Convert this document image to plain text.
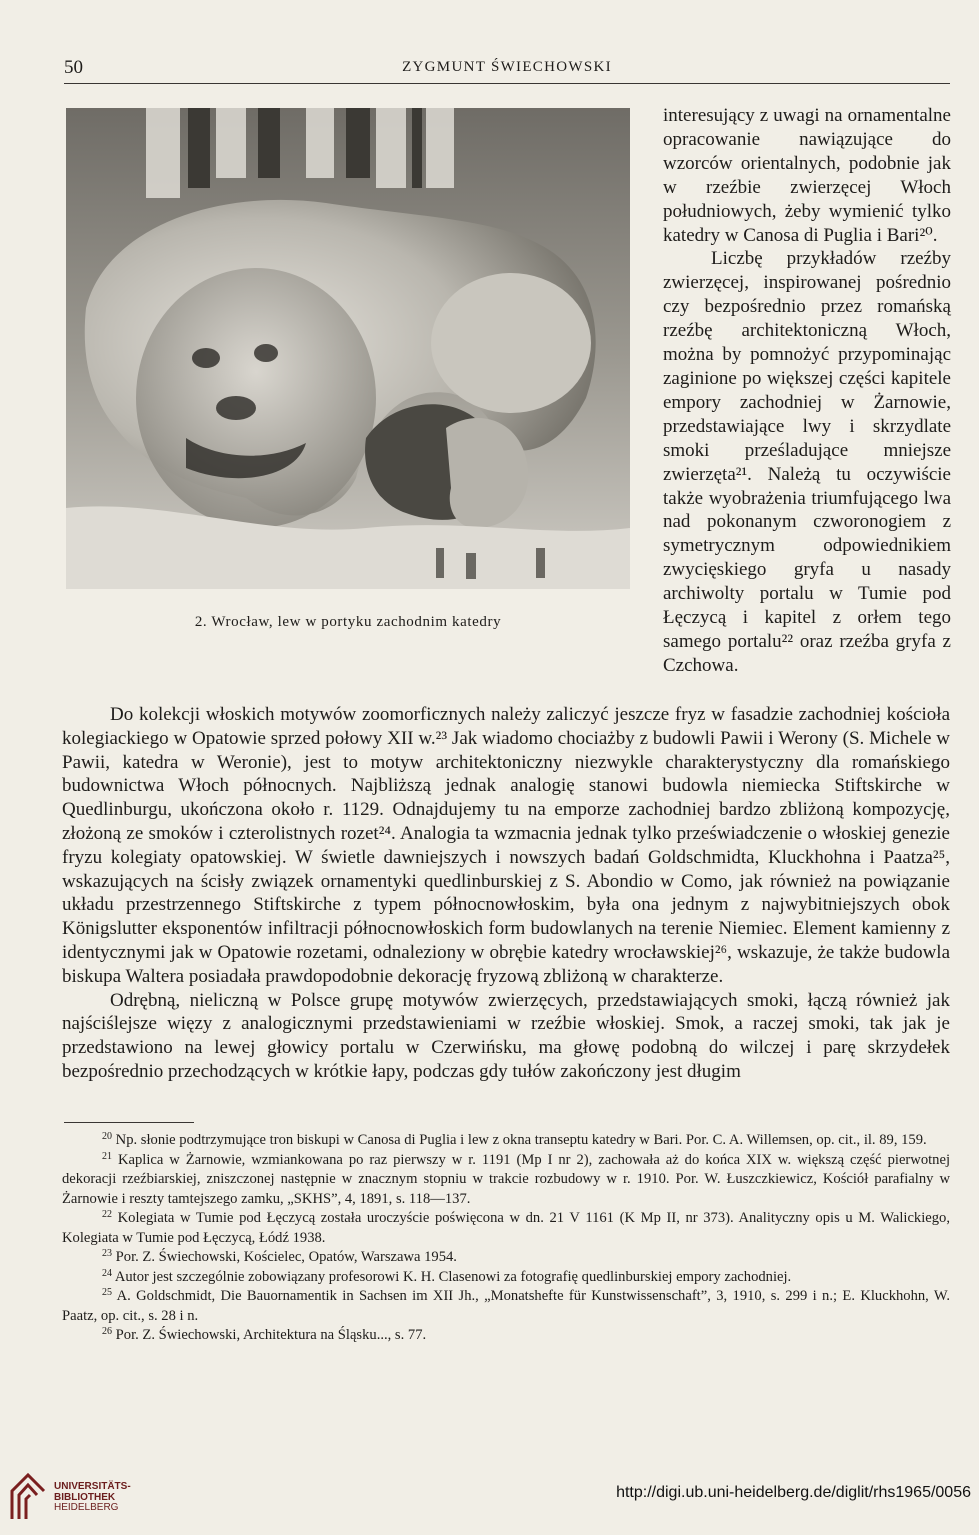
50	ZYGMUNT ŚWIECHOWSKI
2. Wrocław, lew w portyku zachodnim katedry

interesujący z uwagi na ornamentalne opracowanie nawiązujące do wzorców orientalnych, podobnie jak w rzeźbie zwierzęcej Włoch południowych, żeby wymienić tylko katedry w Canosa di Puglia i Bari²⁰.

Liczbę przykładów rzeźby zwierzęcej, inspirowanej pośrednio czy bezpośrednio przez romańską rzeźbę architektoniczną Włoch, można by pomnożyć przypominając zaginione po większej części kapitele empory zachodniej w Żarnowie, przedstawiające lwy i skrzydlate smoki prześladujące mniejsze zwierzęta²¹. Należą tu oczywiście także wyobrażenia triumfującego lwa nad pokonanym czworonogiem z symetrycznym odpowiednikiem zwycięskiego gryfa u nasady archiwolty portalu w Tumie pod Łęczycą i kapitel z orłem tego samego portalu²² oraz rzeźba gryfa z Czchowa.

Do kolekcji włoskich motywów zoomorficznych należy zaliczyć jeszcze fryz w fasadzie zachodniej kościoła kolegiackiego w Opatowie sprzed połowy XII w.²³ Jak wiadomo chociażby z budowli Pawii i Werony (S. Michele w Pawii, katedra w Weronie), jest to motyw architektoniczny niezwykle charakterystyczny dla romańskiego budownictwa Włoch północnych. Najbliższą jednak analogię stanowi budowla niemiecka Stiftskirche w Quedlinburgu, ukończona około r. 1129. Odnajdujemy tu na emporze zachodniej bardzo zbliżoną kompozycję, złożoną ze smoków i czterolistnych rozet²⁴. Analogia ta wzmacnia jednak tylko przeświadczenie o włoskiej genezie fryzu kolegiaty opatowskiej. W świetle dawniejszych i nowszych badań Goldschmidta, Kluckhohna i Paatza²⁵, wskazujących na ścisły związek ornamentyki quedlinburskiej z S. Abondio w Como, jak również na powiązanie układu przestrzennego Stiftskirche z typem północnowłoskim, była ona jednym z najwybitniejszych obok Königslutter eksponentów infiltracji północnowłoskich form budowlanych na terenie Niemiec. Element kamienny z identycznymi jak w Opatowie rozetami, odnaleziony w obrębie katedry wrocławskiej²⁶, wskazuje, że także budowla biskupa Waltera posiadała prawdopodobnie dekorację fryzową zbliżoną w charakterze.

Odrębną, nieliczną w Polsce grupę motywów zwierzęcych, przedstawiających smoki, łączą również jak najściślejsze więzy z analogicznymi przedstawieniami w rzeźbie włoskiej. Smok, a raczej smoki, tak jak je przedstawiono na lewej głowicy portalu w Czerwińsku, ma głowę podobną do wilczej i parę skrzydełek bezpośrednio przechodzących w krótkie łapy, podczas gdy tułów zakończony jest długim

$^{20}$ Np. słonie podtrzymujące tron biskupi w Canosa di Puglia i lew z okna transeptu katedry w Bari. Por. C. A. Willemsen, op. cit., il. 89, 159.

$^{21}$ Kaplica w Żarnowie, wzmiankowana po raz pierwszy w r. 1191 (Mp I nr 2), zachowała aż do końca XIX w. większą część pierwotnej dekoracji rzeźbiarskiej, zniszczonej następnie w znacznym stopniu w trakcie rozbudowy w r. 1910. Por. W. Łuszczkiewicz, Kościół parafialny w Żarnowie i reszty tamtejszego zamku, „SKHS”, 4, 1891, s. 118—137.

$^{22}$ Kolegiata w Tumie pod Łęczycą została uroczyście poświęcona w dn. 21 V 1161 (K Mp II, nr 373). Analityczny opis u M. Walickiego, Kolegiata w Tumie pod Łęczycą, Łódź 1938.

$^{23}$ Por. Z. Świechowski, Kościelec, Opatów, Warszawa 1954.

$^{24}$ Autor jest szczególnie zobowiązany profesorowi K. H. Clasenowi za fotografię quedlinburskiej empory zachodniej.

$^{25}$ A. Goldschmidt, Die Bauornamentik in Sachsen im XII Jh., „Monatshefte für Kunstwissenschaft”, 3, 1910, s. 299 i n.; E. Kluckhohn, W. Paatz, op. cit., s. 28 i n.

$^{26}$ Por. Z. Świechowski, Architektura na Śląsku..., s. 77.

UNIVERSITÄTS-
BIBLIOTHEK
HEIDELBERG
http://digi.ub.uni-heidelberg.de/diglit/rhs1965/0056
